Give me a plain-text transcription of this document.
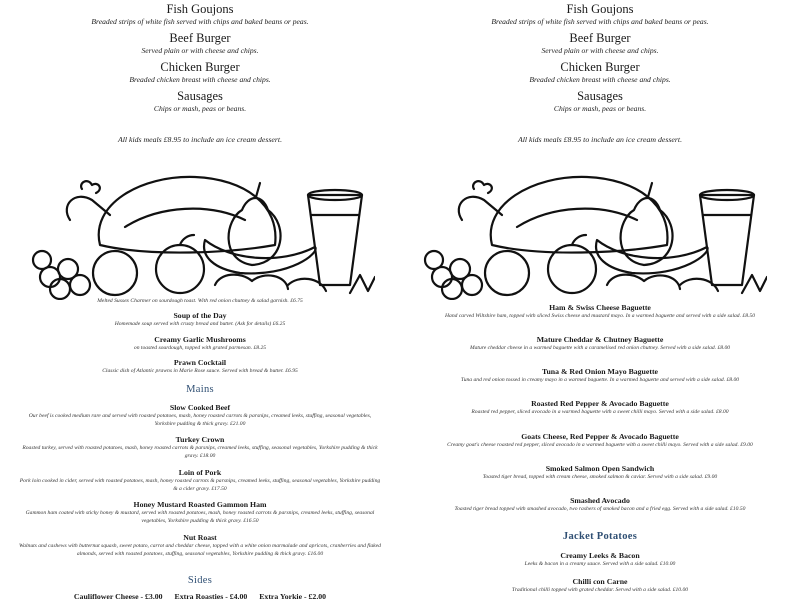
Fish Goujons
Breaded strips of white fish served with chips and baked beans or peas.
Beef Burger
Served plain or with cheese and chips.
Chicken Burger
Breaded chicken breast with cheese and chips.
Sausages
Chips or mash, peas or beans.
All kids meals £8.95 to include an ice cream dessert.
Melted Sussex Charmer on sourdough toast. With red onion chutney & salad garnish. £6.75
Soup of the Day
Homemade soup served with crusty bread and butter. (Ask for details) £6.25
Creamy Garlic Mushrooms
on toasted sourdough, topped with grated parmesan. £8.25
Prawn Cocktail
Classic dish of Atlantic prawns in Marie Rose sauce. Served with bread & butter. £6.95
Mains
Slow Cooked Beef
Our beef is cooked medium rare and served with roasted potatoes, mash, honey roasted carrots & parsnips, creamed leeks, stuffing, seasonal vegetables, Yorkshire pudding & thick gravy. £21.00
Turkey Crown
Roasted turkey, served with roasted potatoes, mash, honey roasted carrots & parsnips, creamed leeks, stuffing, seasonal vegetables, Yorkshire pudding & thick gravy. £18.00
Loin of Pork
Pork loin cooked in cider, served with roasted potatoes, mash, honey roasted carrots & parsnips, creamed leeks, stuffing, seasonal vegetables, Yorkshire pudding & a cider gravy. £17.50
Honey Mustard Roasted Gammon Ham
Gammon ham coated with sticky honey & mustard, served with roasted potatoes, mash, honey roasted carrots & parsnips, creamed leeks, stuffing, seasonal vegetables, Yorkshire pudding & thick gravy. £16.50
Nut Roast
Walnuts and cashews with butternut squash, sweet potato, carrot and cheddar cheese, topped with a white onion marmalade and apricots, cranberries and flaked almonds, served with roasted potatoes, stuffing, seasonal vegetables, Yorkshire pudding & thick gravy. £16.00
Sides
Cauliflower Cheese - £3.00 Extra Roasties - £4.00 Extra Yorkie - £2.00
Fish Goujons
Breaded strips of white fish served with chips and baked beans or peas.
Beef Burger
Served plain or with cheese and chips.
Chicken Burger
Breaded chicken breast with cheese and chips.
Sausages
Chips or mash, peas or beans.
All kids meals £8.95 to include an ice cream dessert.
Ham & Swiss Cheese Baguette
Hand carved Wiltshire ham, topped with sliced Swiss cheese and mustard mayo. In a warmed baguette and served with a side salad. £8.50
Mature Cheddar & Chutney Baguette
Mature cheddar cheese in a warmed baguette with a caramelised red onion chutney. Served with a side salad. £8.00
Tuna & Red Onion Mayo Baguette
Tuna and red onion tossed in creamy mayo in a warmed baguette. In a warmed baguette and served with a side salad. £8.00
Roasted Red Pepper & Avocado Baguette
Roasted red pepper, sliced avocado in a warmed baguette with a sweet chilli mayo. Served with a side salad. £8.00
Goats Cheese, Red Pepper & Avocado Baguette
Creamy goat's cheese roasted red pepper, sliced avocado in a warmed baguette with a sweet chilli mayo. Served with a side salad. £9.00
Smoked Salmon Open Sandwich
Toasted tiger bread, topped with cream cheese, smoked salmon & caviar. Served with a side salad. £9.00
Smashed Avocado
Toasted tiger bread topped with smashed avocado, two rashers of smoked bacon and a fried egg. Served with a side salad. £10.50
Jacket Potatoes
Creamy Leeks & Bacon
Leeks & bacon in a creamy sauce. Served with a side salad. £10.00
Chilli con Carne
Traditional chilli topped with grated cheddar. Served with a side salad. £10.00
